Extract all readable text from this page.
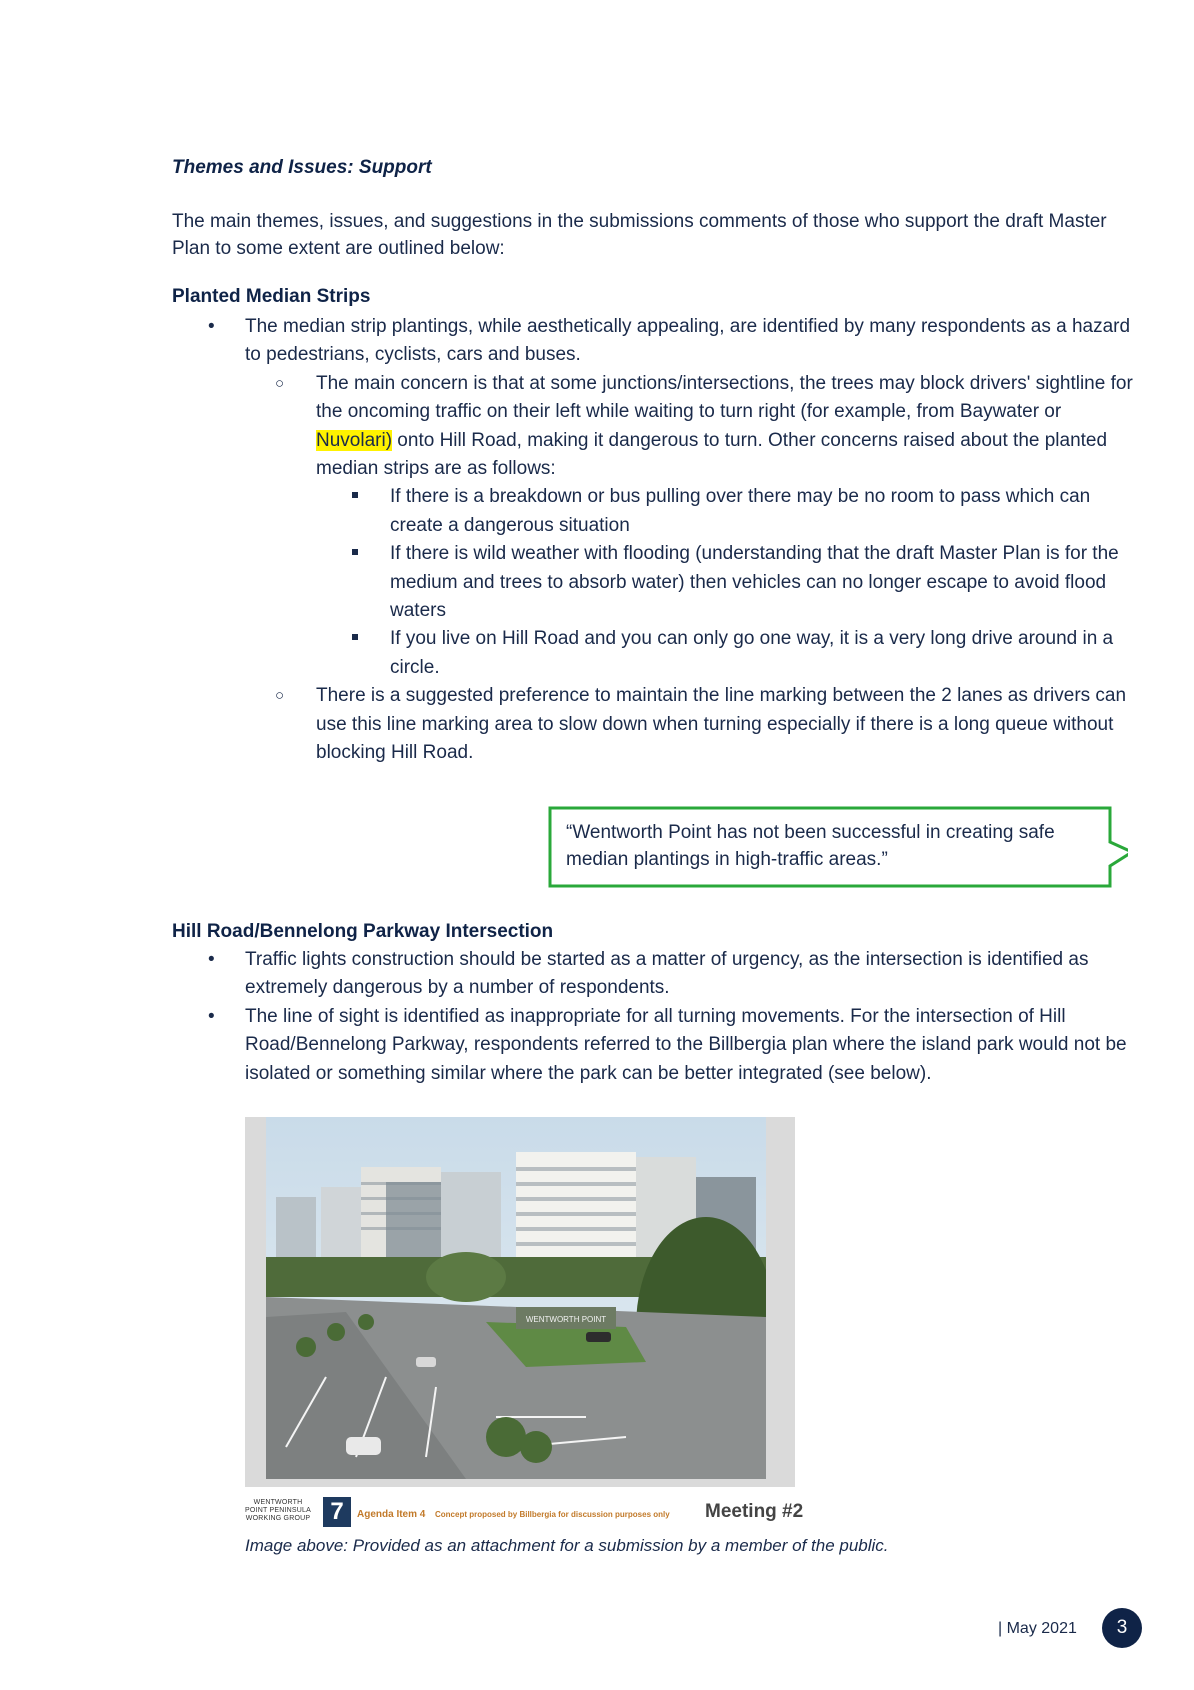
Themes and Issues: Support
The main themes, issues, and suggestions in the submissions comments of those who support the draft Master Plan to some extent are outlined below:
Planted Median Strips
• The median strip plantings, while aesthetically appealing, are identified by many respondents as a hazard to pedestrians, cyclists, cars and buses.
○ The main concern is that at some junctions/intersections, the trees may block drivers' sightline for the oncoming traffic on their left while waiting to turn right (for example, from Baywater or Nuvolari) onto Hill Road, making it dangerous to turn. Other concerns raised about the planted median strips are as follows:
If there is a breakdown or bus pulling over there may be no room to pass which can create a dangerous situation
If there is wild weather with flooding (understanding that the draft Master Plan is for the medium and trees to absorb water) then vehicles can no longer escape to avoid flood waters
If you live on Hill Road and you can only go one way, it is a very long drive around in a circle.
○ There is a suggested preference to maintain the line marking between the 2 lanes as drivers can use this line marking area to slow down when turning especially if there is a long queue without blocking Hill Road.
“Wentworth Point has not been successful in creating safe median plantings in high-traffic areas.”
Hill Road/Bennelong Parkway Intersection
• Traffic lights construction should be started as a matter of urgency, as the intersection is identified as extremely dangerous by a number of respondents.
• The line of sight is identified as inappropriate for all turning movements. For the intersection of Hill Road/Bennelong Parkway, respondents referred to the Billbergia plan where the island park would not be isolated or something similar where the park can be better integrated (see below).
WENTWORTH POINT
WENTWORTH POINT PENINSULA WORKING GROUP 7	Agenda Item 4 Concept proposed by Billbergia for discussion purposes only Meeting #2
Image above: Provided as an attachment for a submission by a member of the public.
| May 2021	3
